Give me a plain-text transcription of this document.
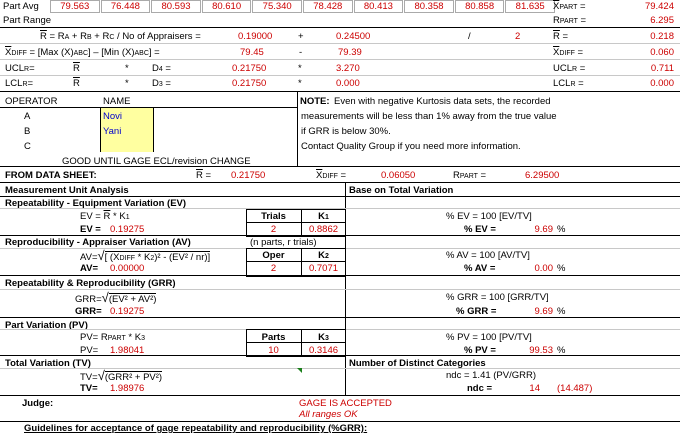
Part Avg	79.563	76.448	80.593	80.610	75.340	78.428	80.413	80.358	80.858	81.635 $\overline{X}PART$ =	79.424
Part Range	RPART =	6.295
$\overline{R}$ = RA + RB + RC / No of Appraisers =	0.19000	+	0.24500	/	2	$\overline{R}$ =	0.218
$\overline{X}DIFF = [Max$ (X)ABC] – [Min (X)ABC] =	79.45	-	79.39	$\overline{X}DIFF$ =	0.060
UCLR=	$\overline{R}$	* D4 =	0.21750	*	3.270	UCLR =	0.711
LCLR=	$\overline{R}$	* D3 =	0.21750	*	0.000	LCLR =	0.000
OPERATOR	NAME
A	Novi
B	Yani
C
GOOD UNTIL GAGE ECL/revision CHANGE
NOTE: Even with negative Kurtosis data sets, the recorded
measurements will be less than 1% away from the true value
if GRR is below 30%.
Contact Quality Group if you need more information.
FROM DATA SHEET:	$\overline{R} = 0.21750$	$\overline{X}DIFF$ =	0.06050	RPART =	6.29500
Measurement Unit Analysis	Base on Total Variation
Repeatability - Equipment Variation (EV)
EV = $\overline{R} * K1$
EV = 0.19275
Trials	K1
2	0.8862
% EV = 100 [EV/TV]
% EV =	9.69 %
Reproducibility - Appraiser Variation (AV)	(n parts, r trials)
AV=√[ $(\overline{X}DIFF * K2)^2 - (EV^2 / nr)$]
AV= 0.00000
Oper	K2
2	0.7071
% AV = 100 [AV/TV]
% AV =	0.00 %
Repeatability & Reproducibility (GRR)
GRR=√(EV² + AV²)
GRR= 0.19275
% GRR = 100 [GRR/TV]
% GRR =	9.69 %
Part Variation (PV)
PV= RPART * K3
PV= 1.98041
Parts	K3
10	0.3146
% PV = 100 [PV/TV]
% PV =	99.53 %
Total Variation (TV)
TV=√(GRR² + PV²)
TV= 1.98976
Number of Distinct Categories
ndc = 1.41 (PV/GRR)
ndc =	14 (14.487)
Judge:	GAGE IS ACCEPTED
All ranges OK
Guidelines for acceptance of gage repeatability and reproducibility (%GRR):
